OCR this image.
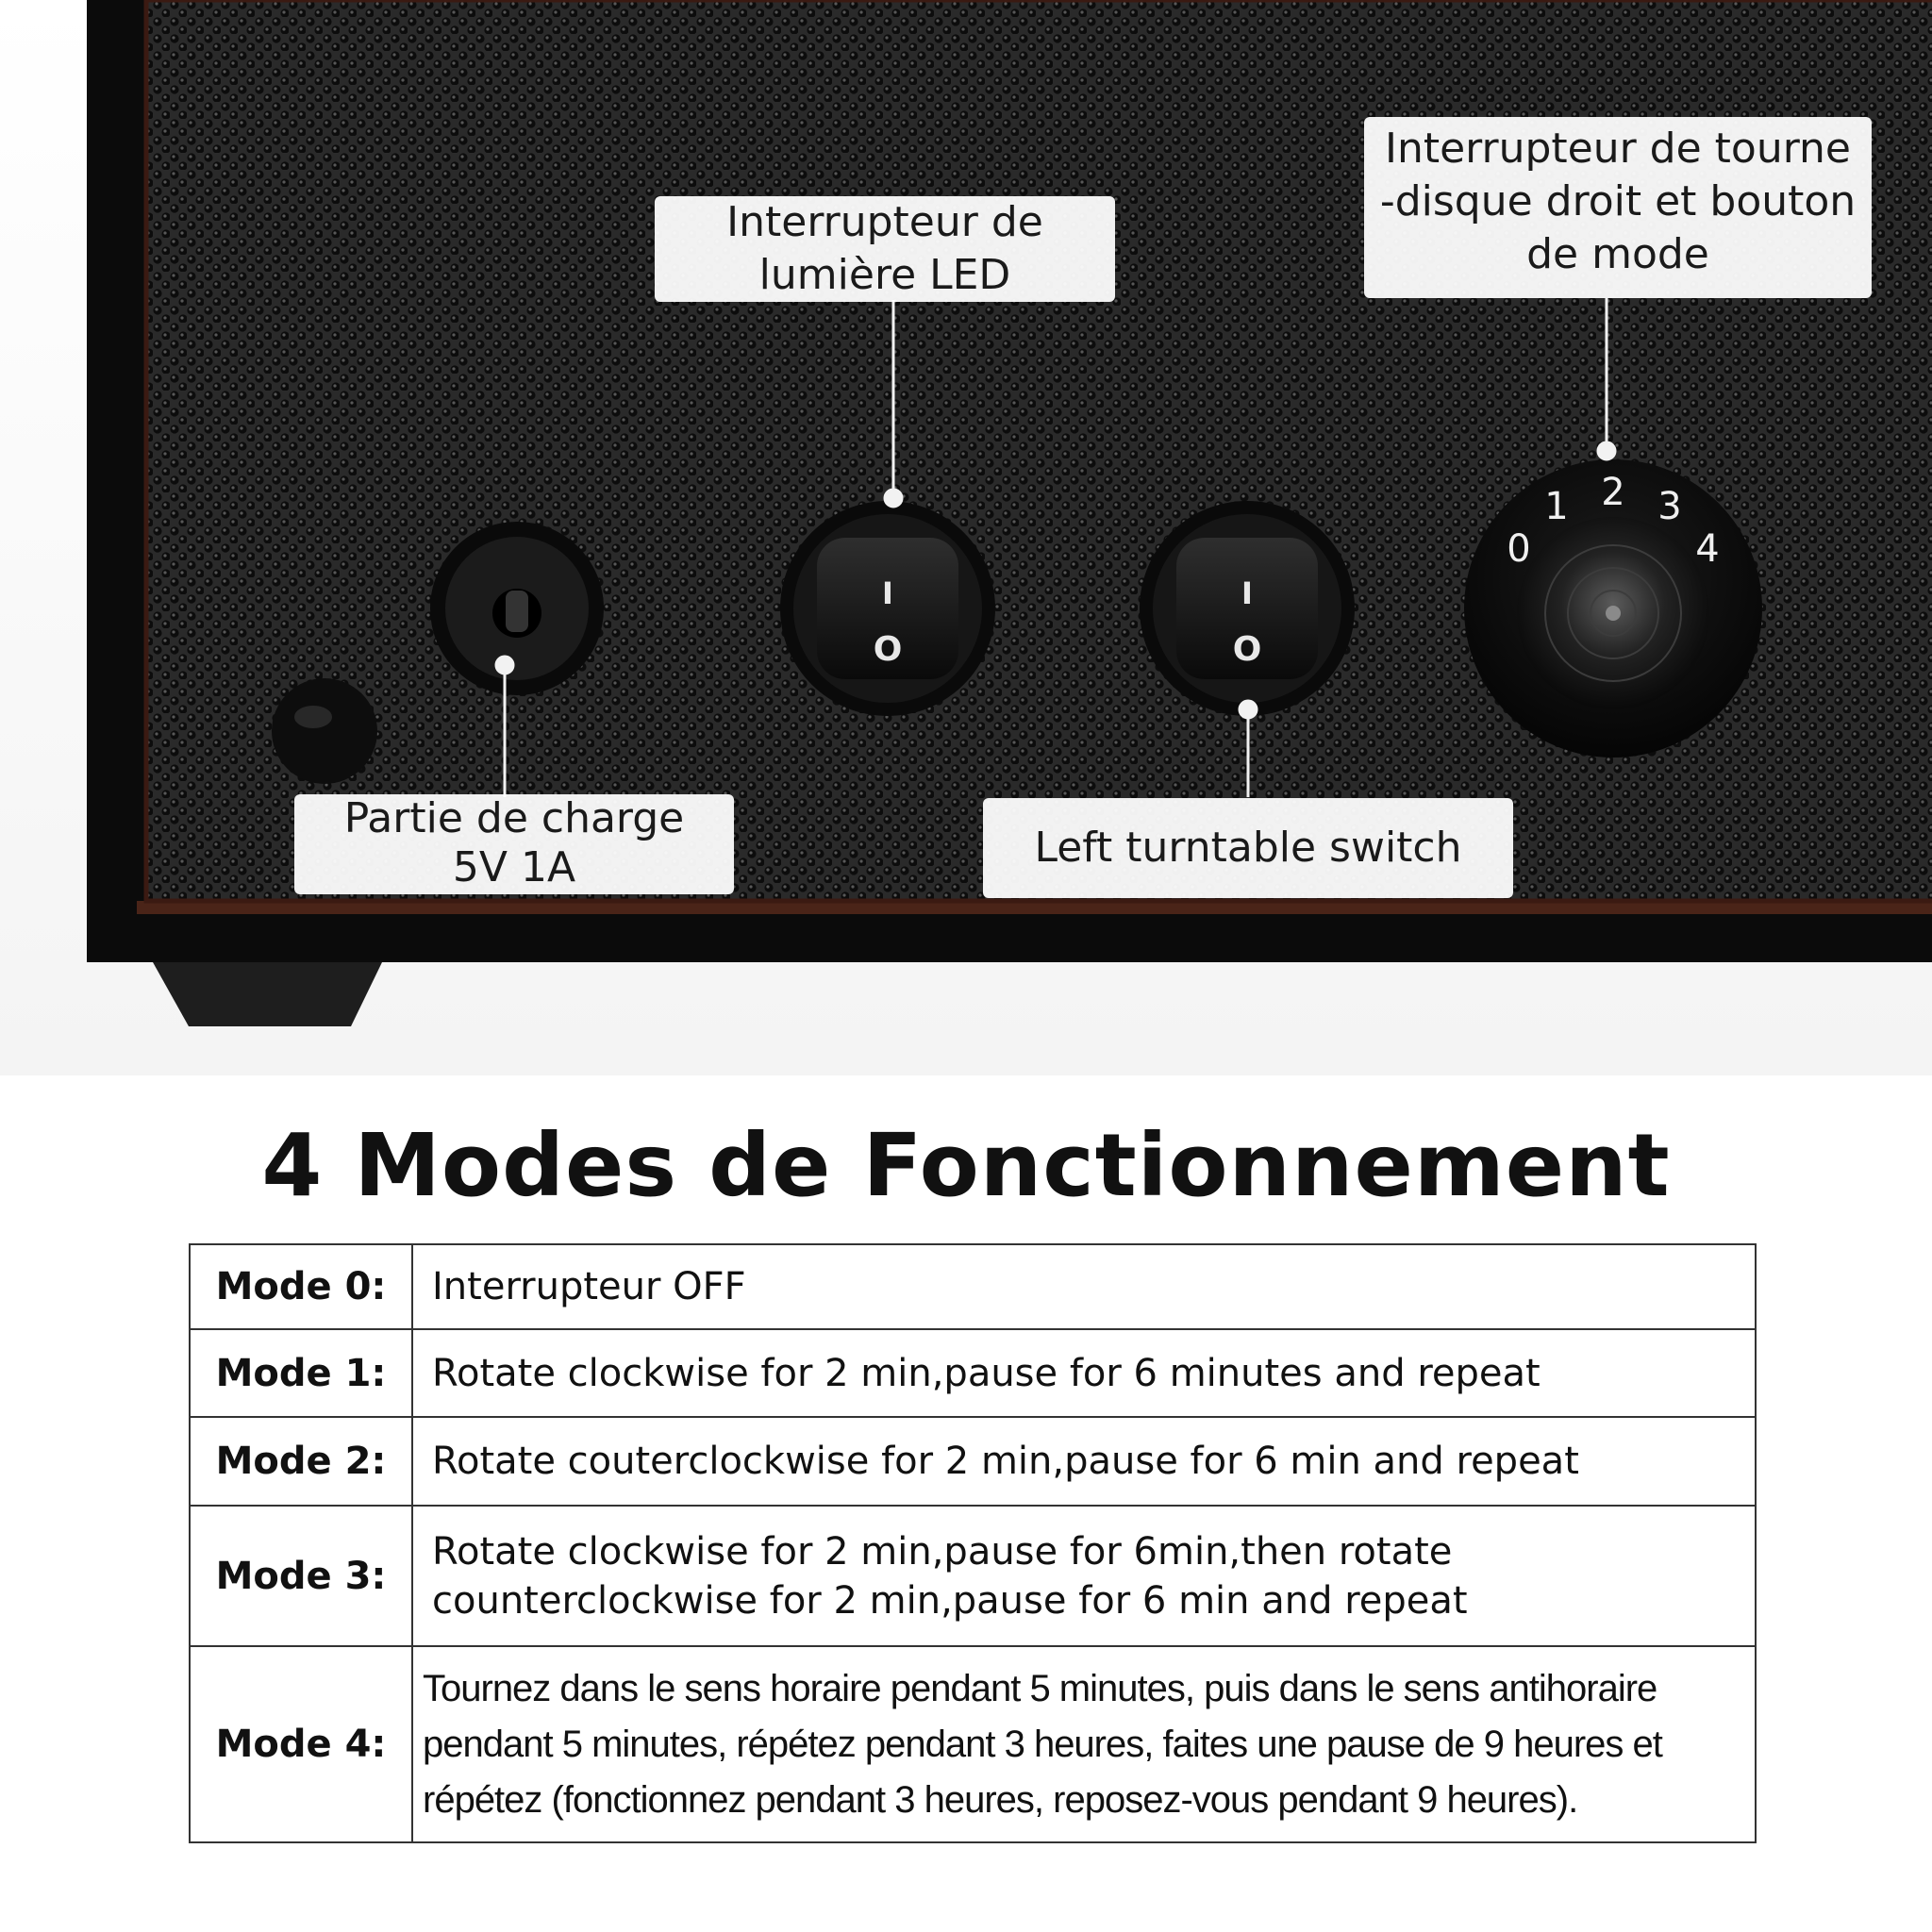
I
O
I
O
0
1 2 3
4
Interrupteur de
lumière LED
Interrupteur de tourne
-disque droit et bouton
de mode
Partie de charge
5V 1A	Left turntable switch
4 Modes de Fonctionnement
Mode 0:	Interrupteur OFF
Mode 1:	Rotate clockwise for 2 min,pause for 6 minutes and repeat
Mode 2:	Rotate couterclockwise for 2 min,pause for 6 min and repeat
Mode 3:	Rotate clockwise for 2 min,pause for 6min,then rotate counterclockwise for 2 min,pause for 6 min and repeat
Mode 4:	Tournez dans le sens horaire pendant 5 minutes, puis dans le sens antihoraire pendant 5 minutes, répétez pendant 3 heures, faites une pause de 9 heures et répétez (fonctionnez pendant 3 heures, reposez-vous pendant 9 heures).
